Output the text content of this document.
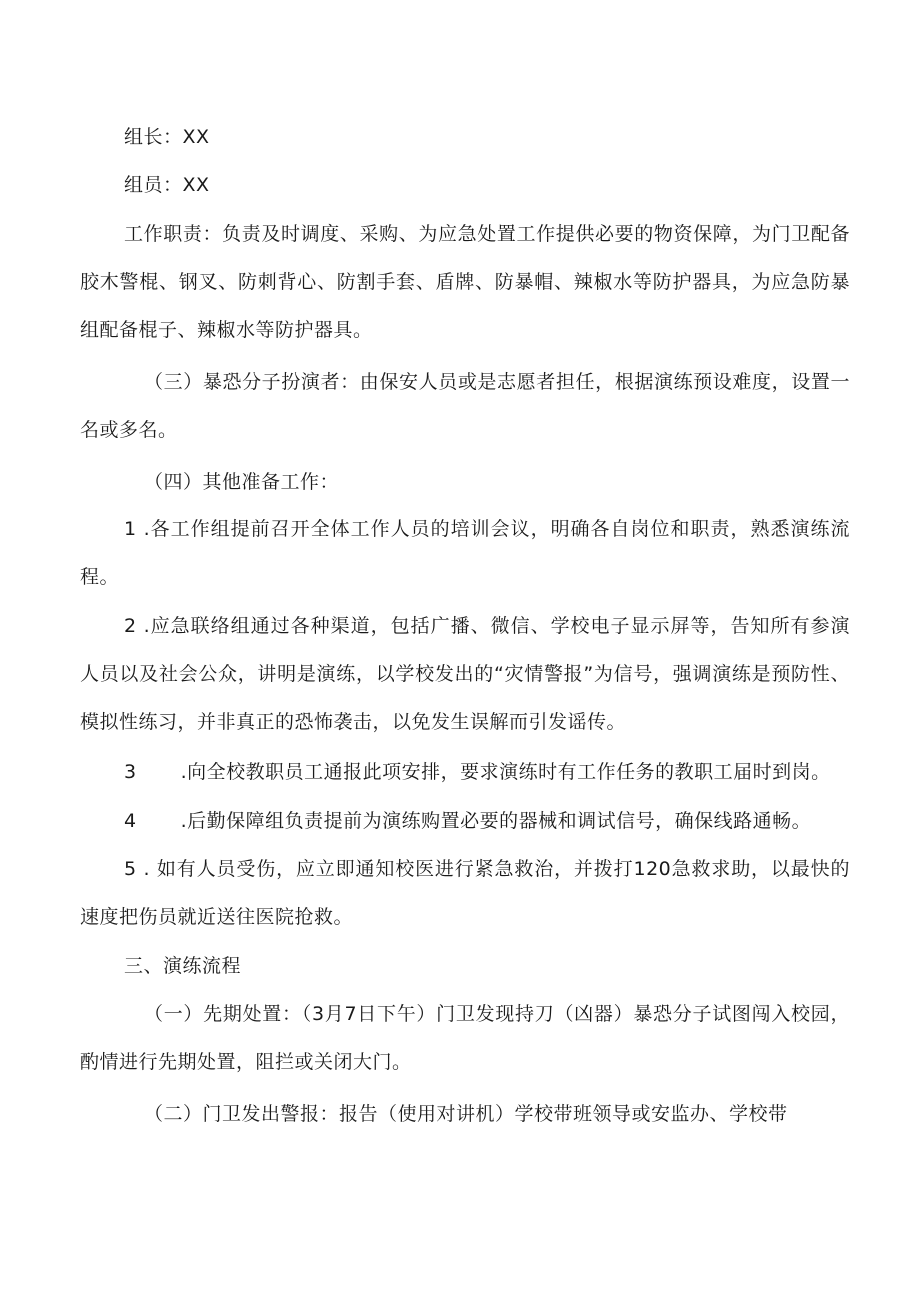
组长：XX

组员：XX

工作职责：负责及时调度、采购、为应急处置工作提供必要的物资保障，为门卫配备胶木警棍、钢叉、防刺背心、防割手套、盾牌、防暴帽、辣椒水等防护器具，为应急防暴组配备棍子、辣椒水等防护器具。

（三）暴恐分子扮演者：由保安人员或是志愿者担任，根据演练预设难度，设置一名或多名。

（四）其他准备工作：

1 .各工作组提前召开全体工作人员的培训会议，明确各自岗位和职责，熟悉演练流程。

2 .应急联络组通过各种渠道，包括广播、微信、学校电子显示屏等，告知所有参演人员以及社会公众，讲明是演练，以学校发出的“灾情警报”为信号，强调演练是预防性、模拟性练习，并非真正的恐怖袭击，以免发生误解而引发谣传。

3 .向全校教职员工通报此项安排，要求演练时有工作任务的教职工届时到岗。

4 .后勤保障组负责提前为演练购置必要的器械和调试信号，确保线路通畅。

5 . 如有人员受伤，应立即通知校医进行紧急救治，并拨打120急救求助，以最快的速度把伤员就近送往医院抢救。

三、演练流程

（一）先期处置：（3月7日下午）门卫发现持刀（凶器）暴恐分子试图闯入校园，酌情进行先期处置，阻拦或关闭大门。

（二）门卫发出警报：报告（使用对讲机）学校带班领导或安监办、学校带
